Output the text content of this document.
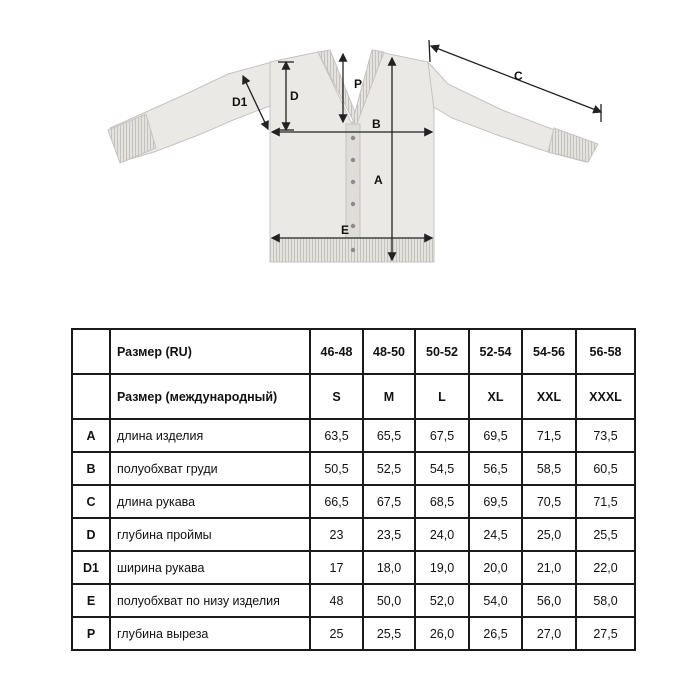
P
B
A
E
D
D1
C
	Размер (RU)	46-48	48-50	50-52	52-54	54-56	56-58
	Размер (международный)	S	M	L	XL	XXL	XXXL
A	длина изделия	63,5	65,5	67,5	69,5	71,5	73,5
B	полуобхват груди	50,5	52,5	54,5	56,5	58,5	60,5
C	длина рукава	66,5	67,5	68,5	69,5	70,5	71,5
D	глубина проймы	23	23,5	24,0	24,5	25,0	25,5
D1	ширина рукава	17	18,0	19,0	20,0	21,0	22,0
E	полуобхват по низу изделия	48	50,0	52,0	54,0	56,0	58,0
P	глубина выреза	25	25,5	26,0	26,5	27,0	27,5
